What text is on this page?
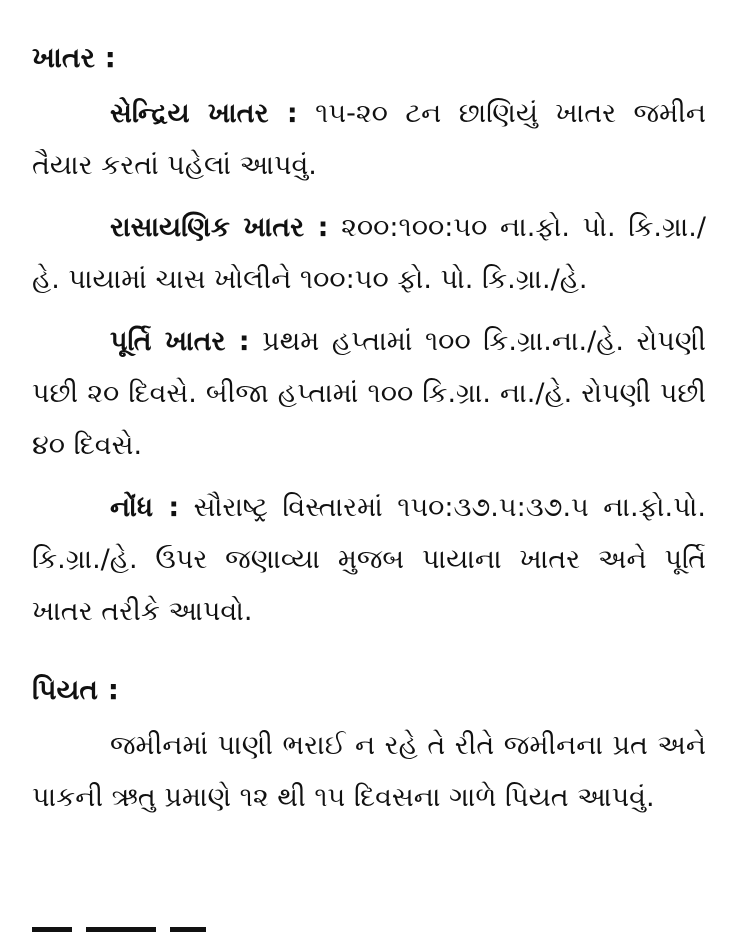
ખાતર :

સેન્દ્રિય ખાતર : ૧૫-૨૦ ટન છાણિયું ખાતર જમીન તૈયાર કરતાં પહેલાં આપવું.

રાસાયણિક ખાતર : ૨૦૦:૧૦૦:૫૦ ના.ફો. પો. કિ.ગ્રા./હે. પાયામાં ચાસ ખોલીને ૧૦૦:૫૦ ફો. પો. કિ.ગ્રા./હે.

પૂર્તિ ખાતર : પ્રથમ હપ્તામાં ૧૦૦ કિ.ગ્રા.ના./હે. રોપણી પછી ૨૦ દિવસે. બીજા હપ્તામાં ૧૦૦ કિ.ગ્રા. ના./હે. રોપણી પછી ૪૦ દિવસે.

નોંધ : સૌરાષ્ટ્ર વિસ્તારમાં ૧૫૦:૩૭.૫:૩૭.૫ ના.ફો.પો. કિ.ગ્રા./હે. ઉપર જણાવ્યા મુજબ પાયાના ખાતર અને પૂર્તિ ખાતર તરીકે આપવો.

પિયત :

જમીનમાં પાણી ભરાઈ ન રહે તે રીતે જમીનના પ્રત અને પાકની ઋતુ પ્રમાણે ૧૨ થી ૧૫ દિવસના ગાળે પિયત આપવું.
